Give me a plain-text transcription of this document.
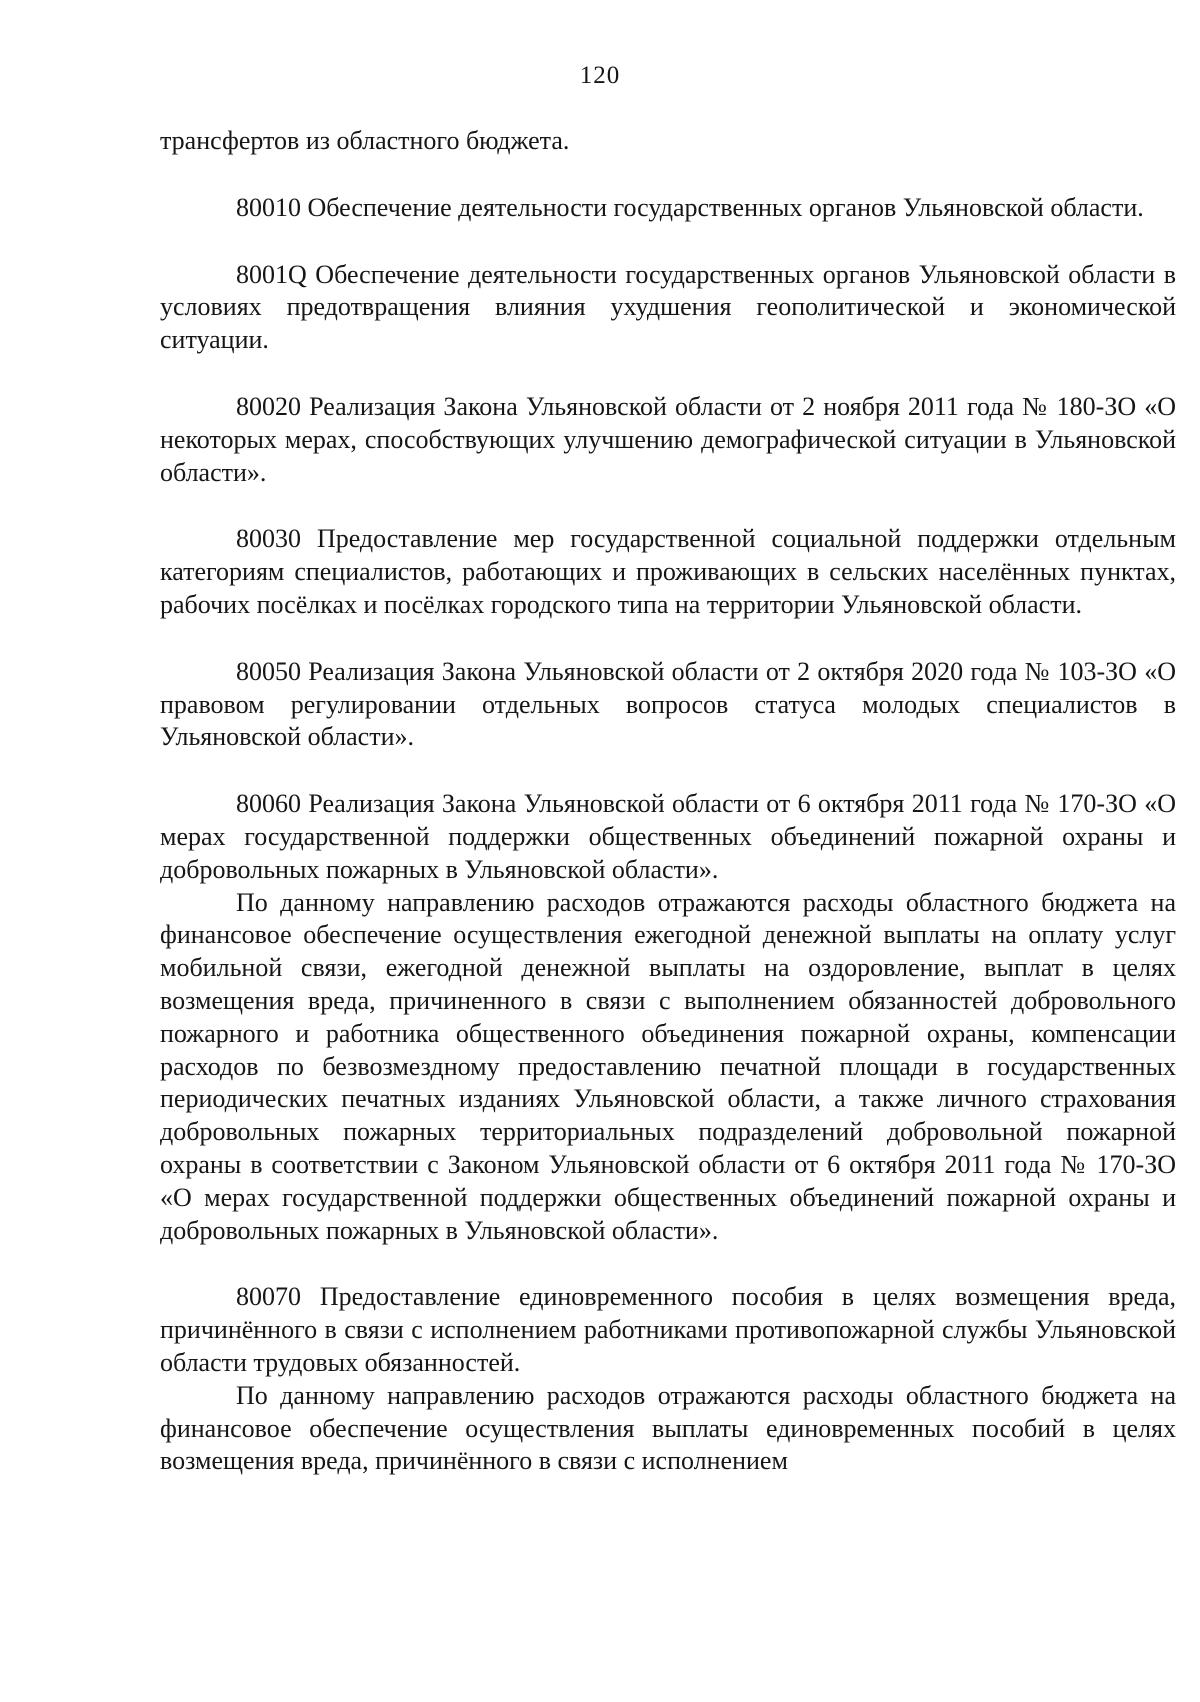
120

трансфертов из областного бюджета.

80010 Обеспечение деятельности государственных органов Ульяновской области.

8001Q Обеспечение деятельности государственных органов Ульяновской области в условиях предотвращения влияния ухудшения геополитической и экономической ситуации.

80020 Реализация Закона Ульяновской области от 2 ноября 2011 года № 180-ЗО «О некоторых мерах, способствующих улучшению демографической ситуации в Ульяновской области».

80030 Предоставление мер государственной социальной поддержки отдельным категориям специалистов, работающих и проживающих в сельских населённых пунктах, рабочих посёлках и посёлках городского типа на территории Ульяновской области.

80050 Реализация Закона Ульяновской области от 2 октября 2020 года № 103-ЗО «О правовом регулировании отдельных вопросов статуса молодых специалистов в Ульяновской области».

80060 Реализация Закона Ульяновской области от 6 октября 2011 года № 170-ЗО «О мерах государственной поддержки общественных объединений пожарной охраны и добровольных пожарных в Ульяновской области».

По данному направлению расходов отражаются расходы областного бюджета на финансовое обеспечение осуществления ежегодной денежной выплаты на оплату услуг мобильной связи, ежегодной денежной выплаты на оздоровление, выплат в целях возмещения вреда, причиненного в связи с выполнением обязанностей добровольного пожарного и работника общественного объединения пожарной охраны, компенсации расходов по безвозмездному предоставлению печатной площади в государственных периодических печатных изданиях Ульяновской области, а также личного страхования добровольных пожарных территориальных подразделений добровольной пожарной охраны в соответствии с Законом Ульяновской области от 6 октября 2011 года № 170-ЗО «О мерах государственной поддержки общественных объединений пожарной охраны и добровольных пожарных в Ульяновской области».

80070 Предоставление единовременного пособия в целях возмещения вреда, причинённого в связи с исполнением работниками противопожарной службы Ульяновской области трудовых обязанностей.

По данному направлению расходов отражаются расходы областного бюджета на финансовое обеспечение осуществления выплаты единовременных пособий в целях возмещения вреда, причинённого в связи с исполнением
